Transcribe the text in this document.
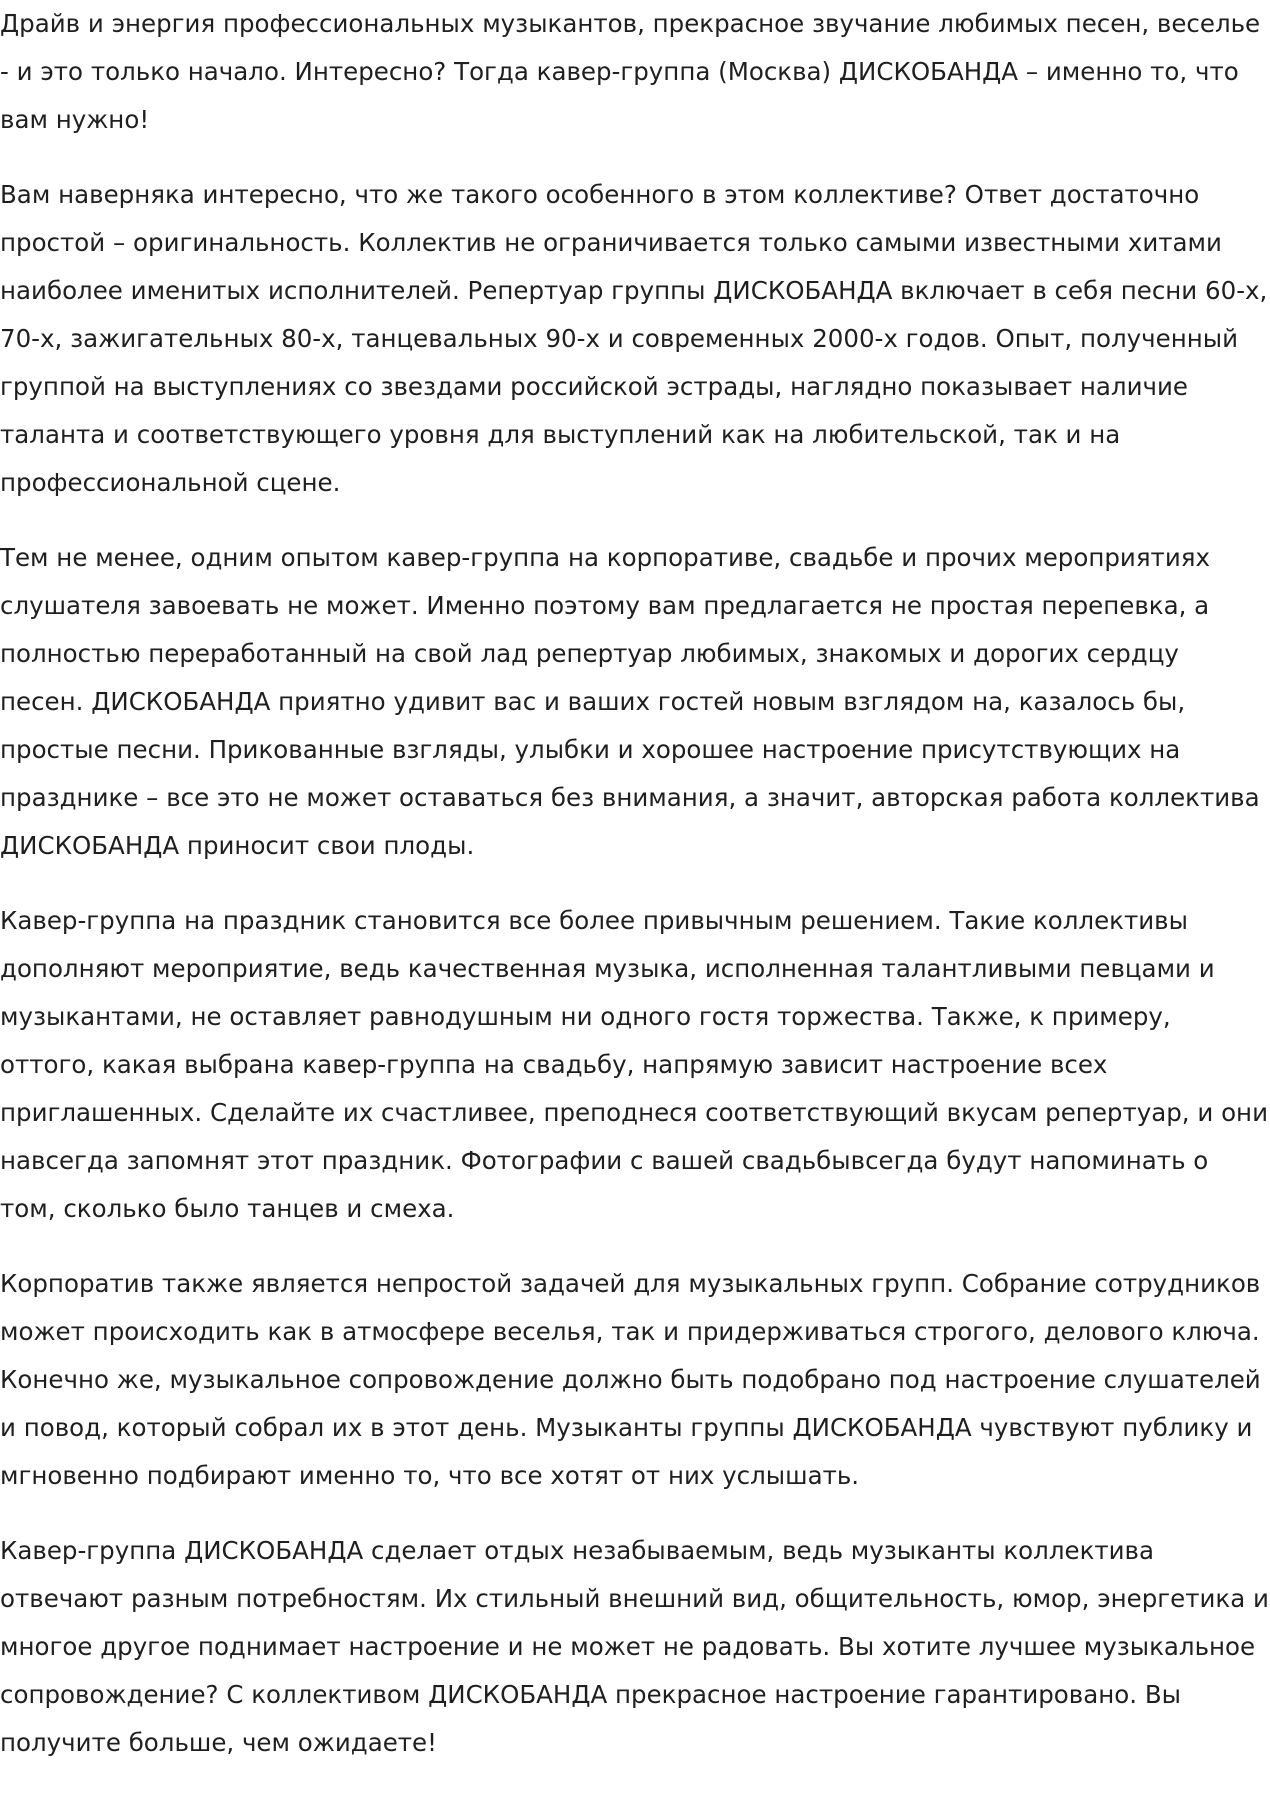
Драйв и энергия профессиональных музыкантов, прекрасное звучание любимых песен, веселье - и это только начало. Интересно? Тогда кавер-группа (Москва) ДИСКОБАНДА – именно то, что вам нужно!

Вам наверняка интересно, что же такого особенного в этом коллективе? Ответ достаточно простой – оригинальность. Коллектив не ограничивается только самыми известными хитами наиболее именитых исполнителей. Репертуар группы ДИСКОБАНДА включает в себя песни 60-х, 70-х, зажигательных 80-х, танцевальных 90-х и современных 2000-х годов. Опыт, полученный группой на выступлениях со звездами российской эстрады, наглядно показывает наличие таланта и соответствующего уровня для выступлений как на любительской, так и на профессиональной сцене.

Тем не менее, одним опытом кавер-группа на корпоративе, свадьбе и прочих мероприятиях слушателя завоевать не может. Именно поэтому вам предлагается не простая перепевка, а полностью переработанный на свой лад репертуар любимых, знакомых и дорогих сердцу песен. ДИСКОБАНДА приятно удивит вас и ваших гостей новым взглядом на, казалось бы, простые песни. Прикованные взгляды, улыбки и хорошее настроение присутствующих на празднике – все это не может оставаться без внимания, а значит, авторская работа коллектива ДИСКОБАНДА приносит свои плоды.

Кавер-группа на праздник становится все более привычным решением. Такие коллективы дополняют мероприятие, ведь качественная музыка, исполненная талантливыми певцами и музыкантами, не оставляет равнодушным ни одного гостя торжества. Также, к примеру, оттого, какая выбрана кавер-группа на свадьбу, напрямую зависит настроение всех приглашенных. Сделайте их счастливее, преподнеся соответствующий вкусам репертуар, и они навсегда запомнят этот праздник. Фотографии с вашей свадьбывсегда будут напоминать о том, сколько было танцев и смеха.

Корпоратив также является непростой задачей для музыкальных групп. Собрание сотрудников может происходить как в атмосфере веселья, так и придерживаться строгого, делового ключа. Конечно же, музыкальное сопровождение должно быть подобрано под настроение слушателей и повод, который собрал их в этот день. Музыканты группы ДИСКОБАНДА чувствуют публику и мгновенно подбирают именно то, что все хотят от них услышать.

Кавер-группа ДИСКОБАНДА сделает отдых незабываемым, ведь музыканты коллектива отвечают разным потребностям. Их стильный внешний вид, общительность, юмор, энергетика и многое другое поднимает настроение и не может не радовать. Вы хотите лучшее музыкальное сопровождение? С коллективом ДИСКОБАНДА прекрасное настроение гарантировано. Вы получите больше, чем ожидаете!
